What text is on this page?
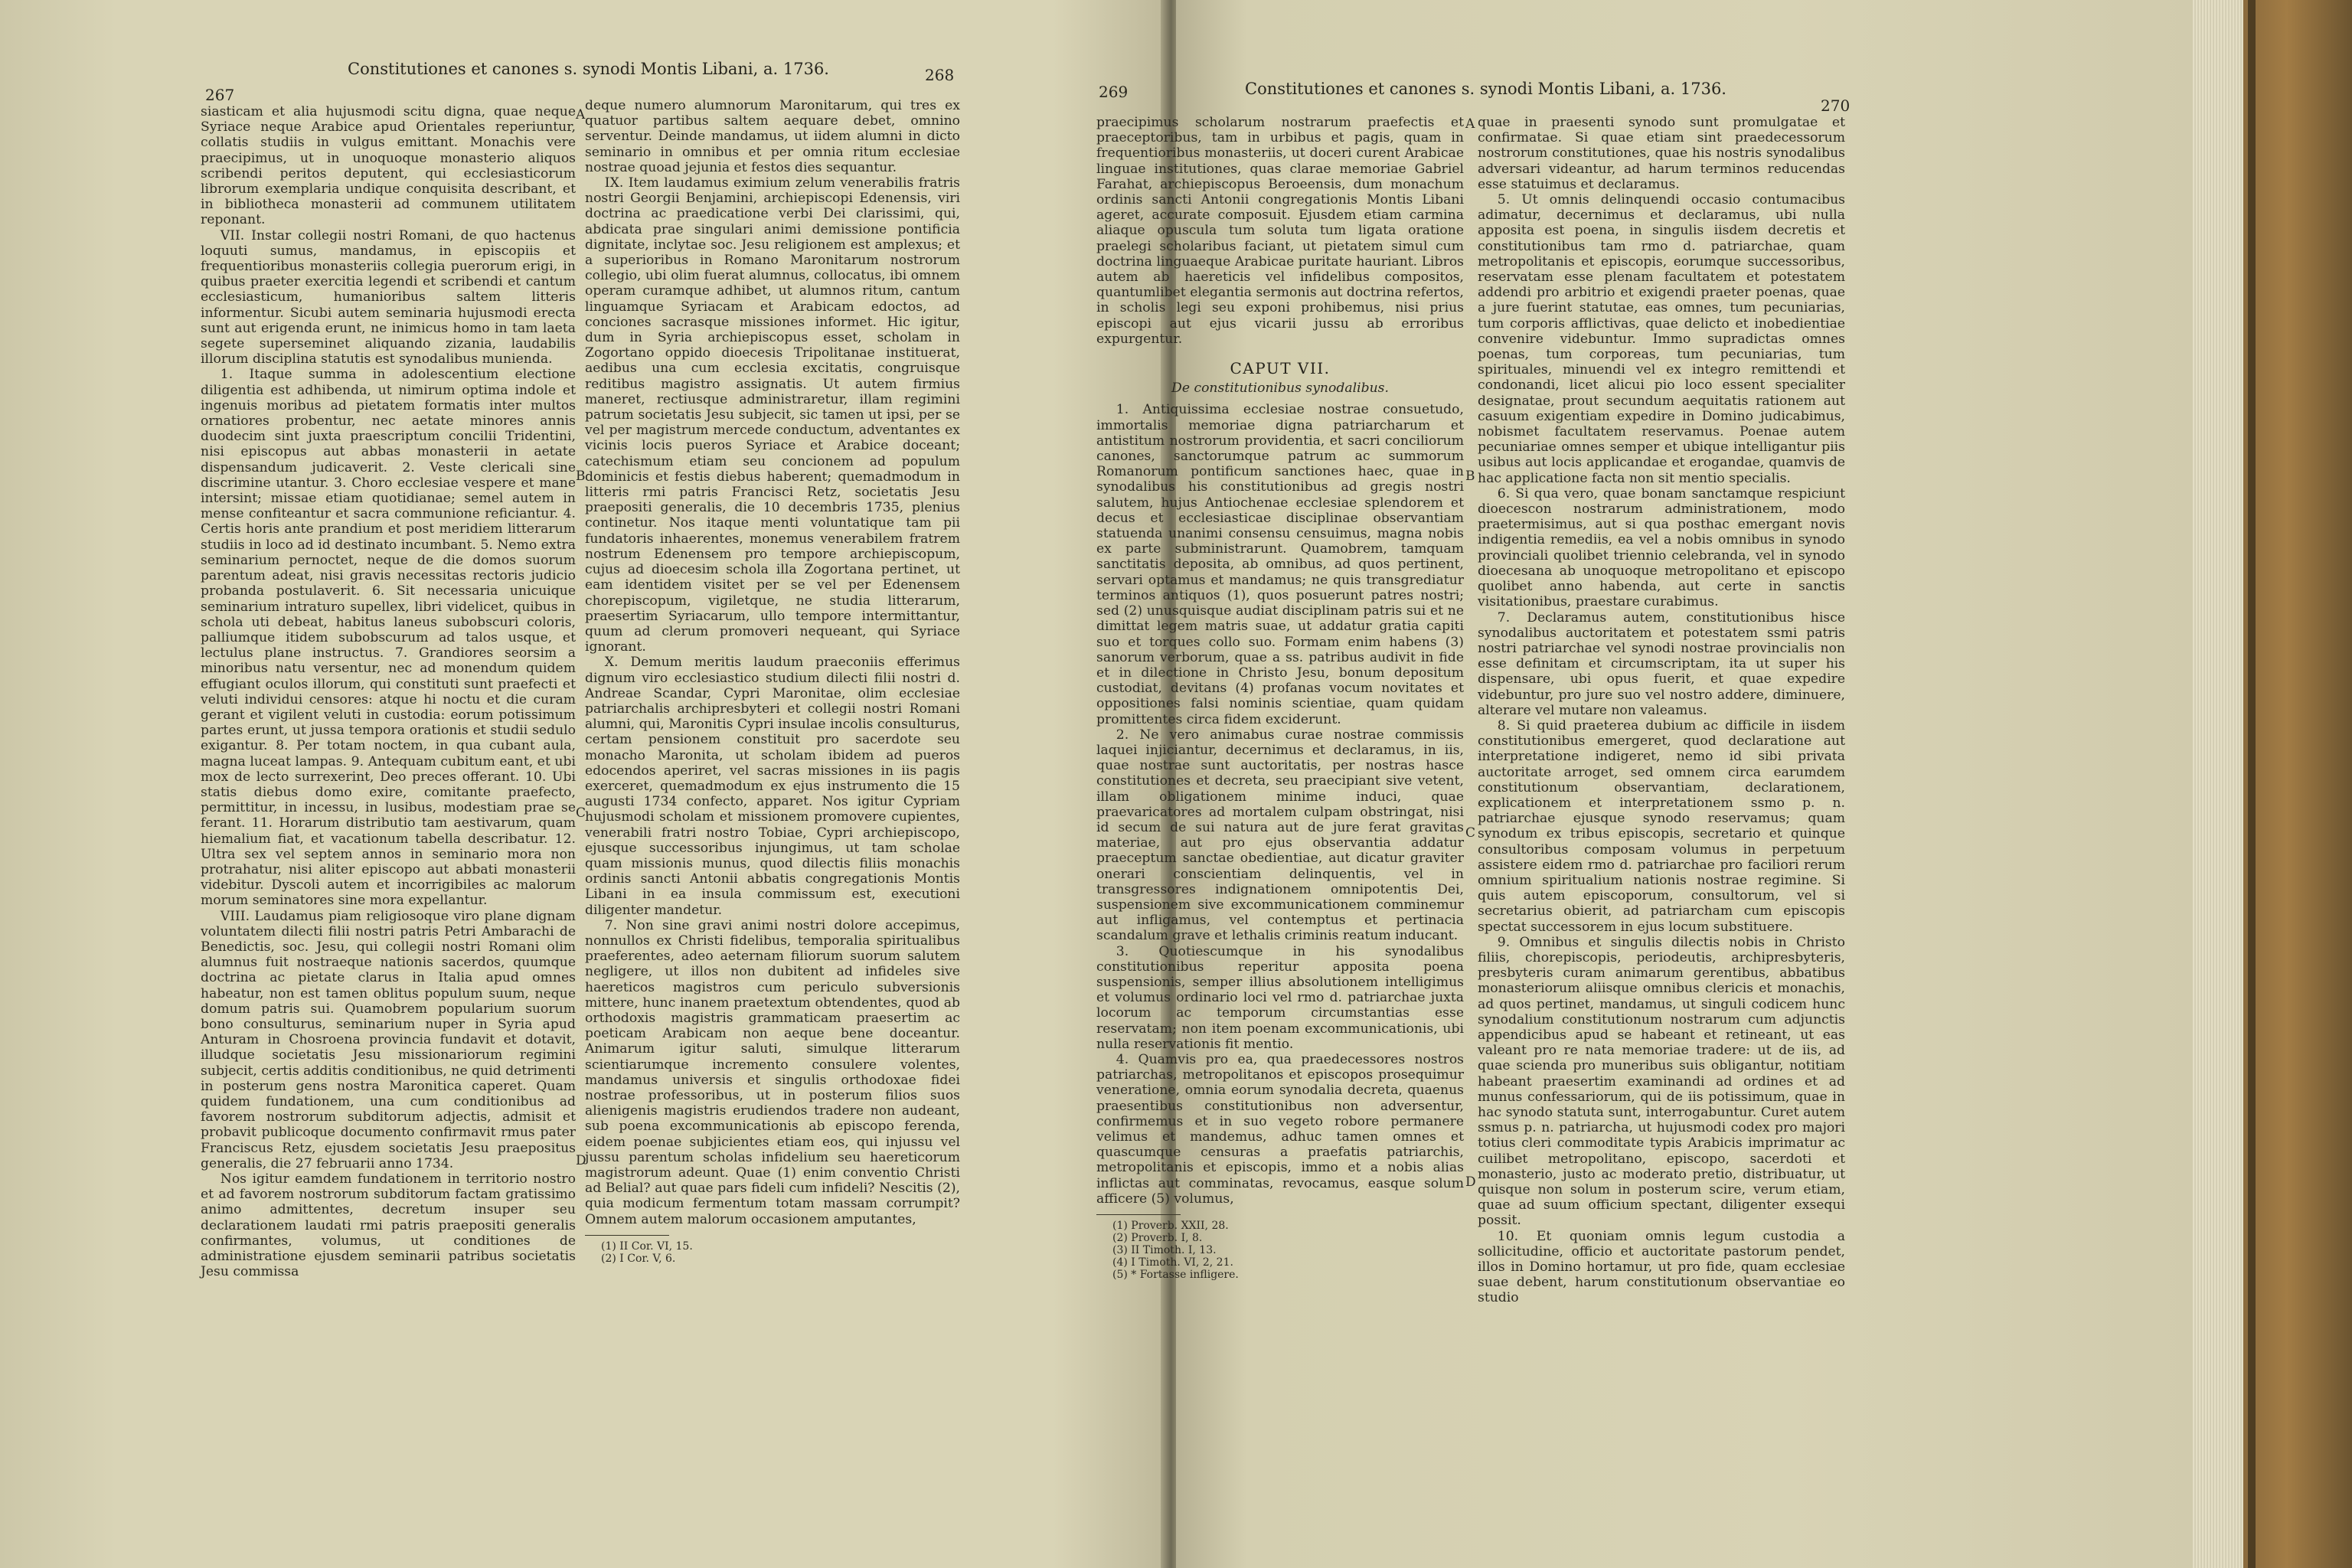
267
268
Constitutiones et canones s. synodi Montis Libani, a. 1736.

siasticam et alia hujusmodi scitu digna, quae neque Syriace neque Arabice apud Orientales reperiuntur, collatis studiis in vulgus emittant. Monachis vere praecipimus, ut in unoquoque monasterio aliquos scribendi peritos deputent, qui ecclesiasticorum librorum exemplaria undique conquisita describant, et in bibliotheca monasterii ad communem utilitatem reponant.

VII. Instar collegii nostri Romani, de quo hactenus loquuti sumus, mandamus, in episcopiis et frequentioribus monasteriis collegia puerorum erigi, in quibus praeter exercitia legendi et scribendi et cantum ecclesiasticum, humanioribus saltem litteris informentur. Sicubi autem seminaria hujusmodi erecta sunt aut erigenda erunt, ne inimicus homo in tam laeta segete superseminet aliquando zizania, laudabilis illorum disciplina statutis est synodalibus munienda.

1. Itaque summa in adolescentium electione diligentia est adhibenda, ut nimirum optima indole et ingenuis moribus ad pietatem formatis inter multos ornatiores probentur, nec aetate minores annis duodecim sint juxta praescriptum concilii Tridentini, nisi episcopus aut abbas monasterii in aetate dispensandum judicaverit. 2. Veste clericali sine discrimine utantur. 3. Choro ecclesiae vespere et mane intersint; missae etiam quotidianae; semel autem in mense confiteantur et sacra communione reficiantur. 4. Certis horis ante prandium et post meridiem litterarum studiis in loco ad id destinato incumbant. 5. Nemo extra seminarium pernoctet, neque de die domos suorum parentum adeat, nisi gravis necessitas rectoris judicio probanda postulaverit. 6. Sit necessaria unicuique seminarium intraturo supellex, libri videlicet, quibus in schola uti debeat, habitus laneus subobscuri coloris, palliumque itidem subobscurum ad talos usque, et lectulus plane instructus. 7. Grandiores seorsim a minoribus natu versentur, nec ad monendum quidem effugiant oculos illorum, qui constituti sunt praefecti et veluti individui censores: atque hi noctu et die curam gerant et vigilent veluti in custodia: eorum potissimum partes erunt, ut jussa tempora orationis et studii sedulo exigantur. 8. Per totam noctem, in qua cubant aula, magna luceat lampas. 9. Antequam cubitum eant, et ubi mox de lecto surrexerint, Deo preces offerant. 10. Ubi statis diebus domo exire, comitante praefecto, permittitur, in incessu, in lusibus, modestiam prae se ferant. 11. Horarum distributio tam aestivarum, quam hiemalium fiat, et vacationum tabella describatur. 12. Ultra sex vel septem annos in seminario mora non protrahatur, nisi aliter episcopo aut abbati monasterii videbitur. Dyscoli autem et incorrigibiles ac malorum morum seminatores sine mora expellantur.

VIII. Laudamus piam religiosoque viro plane dignam voluntatem dilecti filii nostri patris Petri Ambarachi de Benedictis, soc. Jesu, qui collegii nostri Romani olim alumnus fuit nostraeque nationis sacerdos, quumque doctrina ac pietate clarus in Italia apud omnes habeatur, non est tamen oblitus populum suum, neque domum patris sui. Quamobrem popularium suorum bono consulturus, seminarium nuper in Syria apud Anturam in Chosroena provincia fundavit et dotavit, illudque societatis Jesu missionariorum regimini subjecit, certis additis conditionibus, ne quid detrimenti in posterum gens nostra Maronitica caperet. Quam quidem fundationem, una cum conditionibus ad favorem nostrorum subditorum adjectis, admisit et probavit publicoque documento confirmavit rmus pater Franciscus Retz, ejusdem societatis Jesu praepositus generalis, die 27 februarii anno 1734.

Nos igitur eamdem fundationem in territorio nostro et ad favorem nostrorum subditorum factam gratissimo animo admittentes, decretum insuper seu declarationem laudati rmi patris praepositi generalis confirmantes, volumus, ut conditiones de administratione ejusdem seminarii patribus societatis Jesu commissa

deque numero alumnorum Maronitarum, qui tres ex quatuor partibus saltem aequare debet, omnino serventur. Deinde mandamus, ut iidem alumni in dicto seminario in omnibus et per omnia ritum ecclesiae nostrae quoad jejunia et festos dies sequantur.

IX. Item laudamus eximium zelum venerabilis fratris nostri Georgii Benjamini, archiepiscopi Edenensis, viri doctrina ac praedicatione verbi Dei clarissimi, qui, abdicata prae singulari animi demissione pontificia dignitate, inclytae soc. Jesu religionem est amplexus; et a superioribus in Romano Maronitarum nostrorum collegio, ubi olim fuerat alumnus, collocatus, ibi omnem operam curamque adhibet, ut alumnos ritum, cantum linguamque Syriacam et Arabicam edoctos, ad conciones sacrasque missiones informet. Hic igitur, dum in Syria archiepiscopus esset, scholam in Zogortano oppido dioecesis Tripolitanae instituerat, aedibus una cum ecclesia excitatis, congruisque reditibus magistro assignatis. Ut autem firmius maneret, rectiusque administraretur, illam regimini patrum societatis Jesu subjecit, sic tamen ut ipsi, per se vel per magistrum mercede conductum, adventantes ex vicinis locis pueros Syriace et Arabice doceant; catechismum etiam seu concionem ad populum dominicis et festis diebus haberent; quemadmodum in litteris rmi patris Francisci Retz, societatis Jesu praepositi generalis, die 10 decembris 1735, plenius continetur. Nos itaque menti voluntatique tam pii fundatoris inhaerentes, monemus venerabilem fratrem nostrum Edenensem pro tempore archiepiscopum, cujus ad dioecesim schola illa Zogortana pertinet, ut eam identidem visitet per se vel per Edenensem chorepiscopum, vigiletque, ne studia litterarum, praesertim Syriacarum, ullo tempore intermittantur, quum ad clerum promoveri nequeant, qui Syriace ignorant.

X. Demum meritis laudum praeconiis efferimus dignum viro ecclesiastico studium dilecti filii nostri d. Andreae Scandar, Cypri Maronitae, olim ecclesiae patriarchalis archipresbyteri et collegii nostri Romani alumni, qui, Maronitis Cypri insulae incolis consulturus, certam pensionem constituit pro sacerdote seu monacho Maronita, ut scholam ibidem ad pueros edocendos aperiret, vel sacras missiones in iis pagis exerceret, quemadmodum ex ejus instrumento die 15 augusti 1734 confecto, apparet. Nos igitur Cypriam hujusmodi scholam et missionem promovere cupientes, venerabili fratri nostro Tobiae, Cypri archiepiscopo, ejusque successoribus injungimus, ut tam scholae quam missionis munus, quod dilectis filiis monachis ordinis sancti Antonii abbatis congregationis Montis Libani in ea insula commissum est, executioni diligenter mandetur.

7. Non sine gravi animi nostri dolore accepimus, nonnullos ex Christi fidelibus, temporalia spiritualibus praeferentes, adeo aeternam filiorum suorum salutem negligere, ut illos non dubitent ad infideles sive haereticos magistros cum periculo subversionis mittere, hunc inanem praetextum obtendentes, quod ab orthodoxis magistris grammaticam praesertim ac poeticam Arabicam non aeque bene doceantur. Animarum igitur saluti, simulque litterarum scientiarumque incremento consulere volentes, mandamus universis et singulis orthodoxae fidei nostrae professoribus, ut in posterum filios suos alienigenis magistris erudiendos tradere non audeant, sub poena excommunicationis ab episcopo ferenda, eidem poenae subjicientes etiam eos, qui injussu vel jussu parentum scholas infidelium seu haereticorum magistrorum adeunt. Quae (1) enim conventio Christi ad Belial? aut quae pars fideli cum infideli? Nescitis (2), quia modicum fermentum totam massam corrumpit? Omnem autem malorum occasionem amputantes,

(1) II Cor. VI, 15.

(2) I Cor. V, 6.

A
B
C
D
269
270
Constitutiones et canones s. synodi Montis Libani, a. 1736.

praecipimus scholarum nostrarum praefectis et praeceptoribus, tam in urbibus et pagis, quam in frequentioribus monasteriis, ut doceri curent Arabicae linguae institutiones, quas clarae memoriae Gabriel Farahat, archiepiscopus Beroeensis, dum monachum ordinis sancti Antonii congregationis Montis Libani ageret, accurate composuit. Ejusdem etiam carmina aliaque opuscula tum soluta tum ligata oratione praelegi scholaribus faciant, ut pietatem simul cum doctrina linguaeque Arabicae puritate hauriant. Libros autem ab haereticis vel infidelibus compositos, quantumlibet elegantia sermonis aut doctrina refertos, in scholis legi seu exponi prohibemus, nisi prius episcopi aut ejus vicarii jussu ab erroribus expurgentur.

CAPUT VII.
De constitutionibus synodalibus.

1. Antiquissima ecclesiae nostrae consuetudo, immortalis memoriae digna patriarcharum et antistitum nostrorum providentia, et sacri conciliorum canones, sanctorumque patrum ac summorum Romanorum pontificum sanctiones haec, quae in synodalibus his constitutionibus ad gregis nostri salutem, hujus Antiochenae ecclesiae splendorem et decus et ecclesiasticae disciplinae observantiam statuenda unanimi consensu censuimus, magna nobis ex parte subministrarunt. Quamobrem, tamquam sanctitatis depositа, ab omnibus, ad quos pertinent, servari optamus et mandamus; ne quis transgrediatur terminos antiquos (1), quos posuerunt patres nostri; sed (2) unusquisque audiat disciplinam patris sui et ne dimittat legem matris suae, ut addatur gratia capiti suo et torques collo suo. Formam enim habens (3) sanorum verborum, quae a ss. patribus audivit in fide et in dilectione in Christo Jesu, bonum depositum custodiat, devitans (4) profanas vocum novitates et oppositiones falsi nominis scientiae, quam quidam promittentes circa fidem exciderunt.

2. Ne vero animabus curae nostrae commissis laquei injiciantur, decernimus et declaramus, in iis, quae nostrae sunt auctoritatis, per nostras hasce constitutiones et decreta, seu praecipiant sive vetent, illam obligationem minime induci, quae praevaricatores ad mortalem culpam obstringat, nisi id secum de sui natura aut de jure ferat gravitas materiae, aut pro ejus observantia addatur praeceptum sanctae obedientiae, aut dicatur graviter onerari conscientiam delinquentis, vel in transgressores indignationem omnipotentis Dei, suspensionem sive excommunicationem comminemur aut infligamus, vel contemptus et pertinacia scandalum grave et lethalis criminis reatum inducant.

3. Quotiescumque in his synodalibus constitutionibus reperitur apposita poena suspensionis, semper illius absolutionem intelligimus et volumus ordinario loci vel rmo d. patriarchae juxta locorum ac temporum circumstantias esse reservatam; non item poenam excommunicationis, ubi nulla reservationis fit mentio.

4. Quamvis pro ea, qua praedecessores nostros patriarchas, metropolitanos et episcopos prosequimur veneratione, omnia eorum synodalia decreta, quaenus praesentibus constitutionibus non adversentur, confirmemus et in suo vegeto robore permanere velimus et mandemus, adhuc tamen omnes et quascumque censuras a praefatis patriarchis, metropolitanis et episcopis, immo et a nobis alias inflictas aut comminatas, revocamus, easque solum afficere (5) volumus,

(1) Proverb. XXII, 28.

(2) Proverb. I, 8.

(3) II Timoth. I, 13.

(4) I Timoth. VI, 2, 21.

(5) * Fortasse infligere.

quae in praesenti synodo sunt promulgatae et confirmatae. Si quae etiam sint praedecessorum nostrorum constitutiones, quae his nostris synodalibus adversari videantur, ad harum terminos reducendas esse statuimus et declaramus.

5. Ut omnis delinquendi occasio contumacibus adimatur, decernimus et declaramus, ubi nulla apposita est poena, in singulis iisdem decretis et constitutionibus tam rmo d. patriarchae, quam metropolitanis et episcopis, eorumque successoribus, reservatam esse plenam facultatem et potestatem addendi pro arbitrio et exigendi praeter poenas, quae a jure fuerint statutae, eas omnes, tum pecuniarias, tum corporis afflictivas, quae delicto et inobedientiae convenire videbuntur. Immo supradictas omnes poenas, tum corporeas, tum pecuniarias, tum spirituales, minuendi vel ex integro remittendi et condonandi, licet alicui pio loco essent specialiter designatae, prout secundum aequitatis rationem aut casuum exigentiam expedire in Domino judicabimus, nobismet facultatem reservamus. Poenae autem pecuniariae omnes semper et ubique intelligantur piis usibus aut locis applicandae et erogandae, quamvis de hac applicatione facta non sit mentio specialis.

6. Si qua vero, quae bonam sanctamque respiciunt dioecescon nostrarum administrationem, modo praetermisimus, aut si qua posthac emergant novis indigentia remediis, ea vel a nobis omnibus in synodo provinciali quolibet triennio celebranda, vel in synodo dioecesana ab unoquoque metropolitano et episcopo quolibet anno habenda, aut certe in sanctis visitationibus, praestare curabimus.

7. Declaramus autem, constitutionibus hisce synodalibus auctoritatem et potestatem ssmi patris nostri patriarchae vel synodi nostrae provincialis non esse definitam et circumscriptam, ita ut super his dispensare, ubi opus fuerit, et quae expedire videbuntur, pro jure suo vel nostro addere, diminuere, alterare vel mutare non valeamus.

8. Si quid praeterea dubium ac difficile in iisdem constitutionibus emergeret, quod declaratione aut interpretatione indigeret, nemo id sibi privata auctoritate arroget, sed omnem circa earumdem constitutionum observantiam, declarationem, explicationem et interpretationem ssmo p. n. patriarchae ejusque synodo reservamus; quam synodum ex tribus episcopis, secretario et quinque consultoribus composam volumus in perpetuum assistere eidem rmo d. patriarchae pro faciliori rerum omnium spiritualium nationis nostrae regimine. Si quis autem episcoporum, consultorum, vel si secretarius obierit, ad patriarcham cum episcopis spectat successorem in ejus locum substituere.

9. Omnibus et singulis dilectis nobis in Christo filiis, chorepiscopis, periodeutis, archipresbyteris, presbyteris curam animarum gerentibus, abbatibus monasteriorum aliisque omnibus clericis et monachis, ad quos pertinet, mandamus, ut singuli codicem hunc synodalium constitutionum nostrarum cum adjunctis appendicibus apud se habeant et retineant, ut eas valeant pro re nata memoriae tradere: ut de iis, ad quae scienda pro muneribus suis obligantur, notitiam habeant praesertim examinandi ad ordines et ad munus confessariorum, qui de iis potissimum, quae in hac synodo statuta sunt, interrogabuntur. Curet autem ssmus p. n. patriarcha, ut hujusmodi codex pro majori totius cleri commoditate typis Arabicis imprimatur ac cuilibet metropolitano, episcopo, sacerdoti et monasterio, justo ac moderato pretio, distribuatur, ut quisque non solum in posterum scire, verum etiam, quae ad suum officium spectant, diligenter exsequi possit.

10. Et quoniam omnis legum custodia a sollicitudine, officio et auctoritate pastorum pendet, illos in Domino hortamur, ut pro fide, quam ecclesiae suae debent, harum constitutionum observantiae eo studio

A
B
C
D
